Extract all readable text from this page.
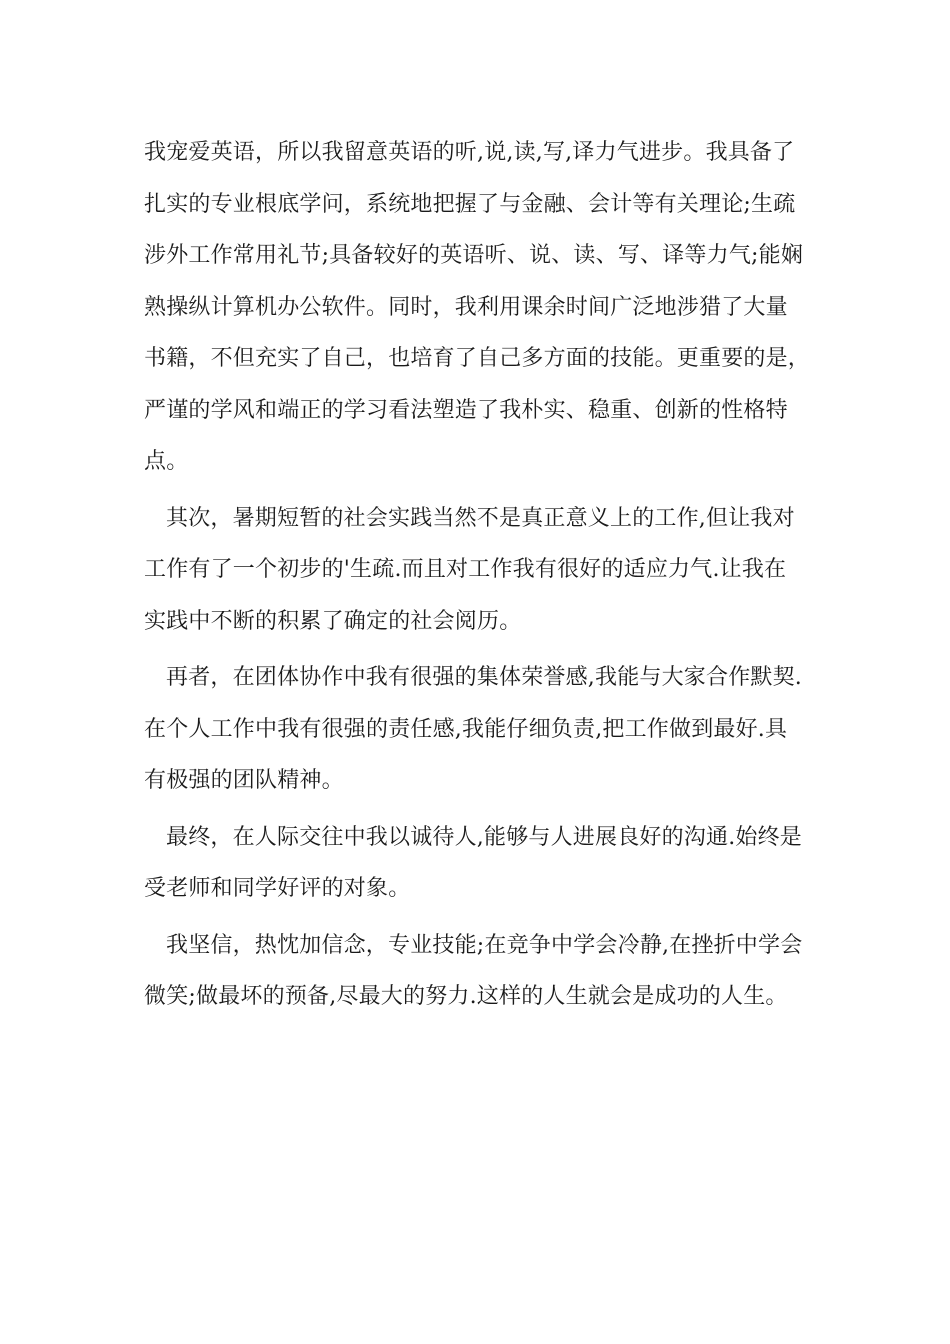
我宠爱英语，所以我留意英语的听,说,读,写,译力气进步。我具备了
扎实的专业根底学问，系统地把握了与金融、会计等有关理论;生疏
涉外工作常用礼节;具备较好的英语听、说、读、写、译等力气;能娴
熟操纵计算机办公软件。同时，我利用课余时间广泛地涉猎了大量
书籍，不但充实了自己，也培育了自己多方面的技能。更重要的是，
严谨的学风和端正的学习看法塑造了我朴实、稳重、创新的性格特
点。
其次，暑期短暂的社会实践当然不是真正意义上的工作,但让我对
工作有了一个初步的'生疏.而且对工作我有很好的适应力气.让我在
实践中不断的积累了确定的社会阅历。
再者，在团体协作中我有很强的集体荣誉感,我能与大家合作默契.
在个人工作中我有很强的责任感,我能仔细负责,把工作做到最好.具
有极强的团队精神。
最终，在人际交往中我以诚待人,能够与人进展良好的沟通.始终是
受老师和同学好评的对象。
我坚信，热忱加信念，专业技能;在竞争中学会冷静,在挫折中学会
微笑;做最坏的预备,尽最大的努力.这样的人生就会是成功的人生。
